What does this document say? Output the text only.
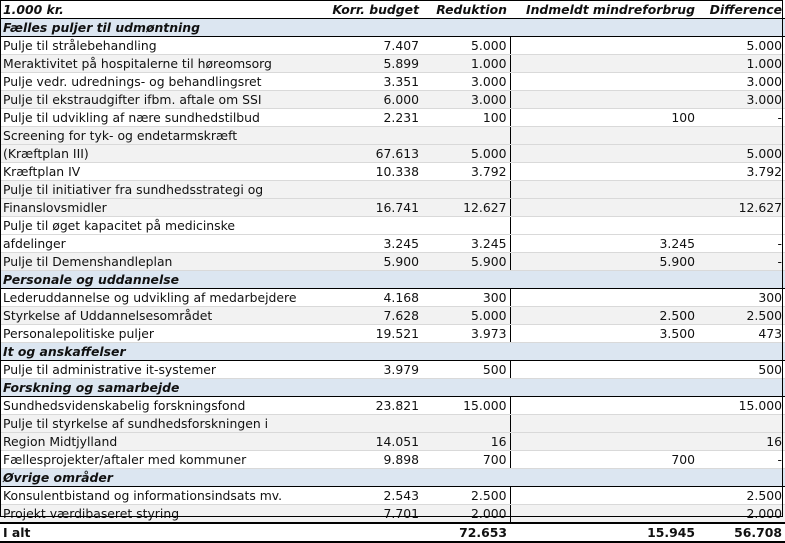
1.000 kr.	Korr. budget	Reduktion	Indmeldt mindreforbrug	Difference
Fælles puljer til udmøntning				
Pulje til strålebehandling	7.407	5.000		5.000
Meraktivitet på hospitalerne til høreomsorg	5.899	1.000		1.000
Pulje vedr. udrednings- og behandlingsret	3.351	3.000		3.000
Pulje til ekstraudgifter ifbm. aftale om SSI	6.000	3.000		3.000
Pulje til udvikling af nære sundhedstilbud	2.231	100	100	-
Screening for tyk- og endetarmskræft				
(Kræftplan III)	67.613	5.000		5.000
Kræftplan IV	10.338	3.792		3.792
Pulje til initiativer fra sundhedsstrategi og				
Finanslovsmidler	16.741	12.627		12.627
Pulje til øget kapacitet på medicinske				
afdelinger	3.245	3.245	3.245	-
Pulje til Demenshandleplan	5.900	5.900	5.900	-
Personale og uddannelse				
Lederuddannelse og udvikling af medarbejdere	4.168	300		300
Styrkelse af Uddannelsesområdet	7.628	5.000	2.500	2.500
Personalepolitiske puljer	19.521	3.973	3.500	473
It og anskaffelser				
Pulje til administrative it-systemer	3.979	500		500
Forskning og samarbejde				
Sundhedsvidenskabelig forskningsfond	23.821	15.000		15.000
Pulje til styrkelse af sundhedsforskningen i				
Region Midtjylland	14.051	16		16
Fællesprojekter/aftaler med kommuner	9.898	700	700	-
Øvrige områder				
Konsulentbistand og informationsindsats mv.	2.543	2.500		2.500
Projekt værdibaseret styring	7.701	2.000		2.000
I alt		72.653	15.945	56.708
